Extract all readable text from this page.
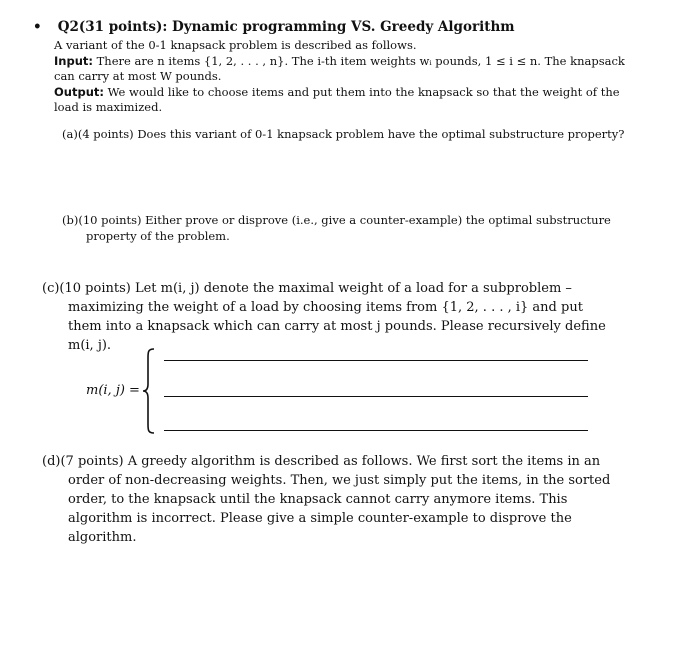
• Q2(31 points): Dynamic programming VS. Greedy Algorithm

A variant of the 0-1 knapsack problem is described as follows.

Input: There are n items {1, 2, . . . , n}. The i-th item weights wᵢ pounds, 1 ≤ i ≤ n. The knapsack can carry at most W pounds.

Output: We would like to choose items and put them into the knapsack so that the weight of the load is maximized.

(a)(4 points) Does this variant of 0-1 knapsack problem have the optimal substructure property?

(b)(10 points) Either prove or disprove (i.e., give a counter-example) the optimal substructure property of the problem.

(c)(10 points) Let m(i, j) denote the maximal weight of a load for a subproblem – maximizing the weight of a load by choosing items from {1, 2, . . . , i} and put them into a knapsack which can carry at most j pounds. Please recursively define m(i, j).

m(i, j) =

(d)(7 points) A greedy algorithm is described as follows. We first sort the items in an order of non-decreasing weights. Then, we just simply put the items, in the sorted order, to the knapsack until the knapsack cannot carry anymore items. This algorithm is incorrect. Please give a simple counter-example to disprove the algorithm.
